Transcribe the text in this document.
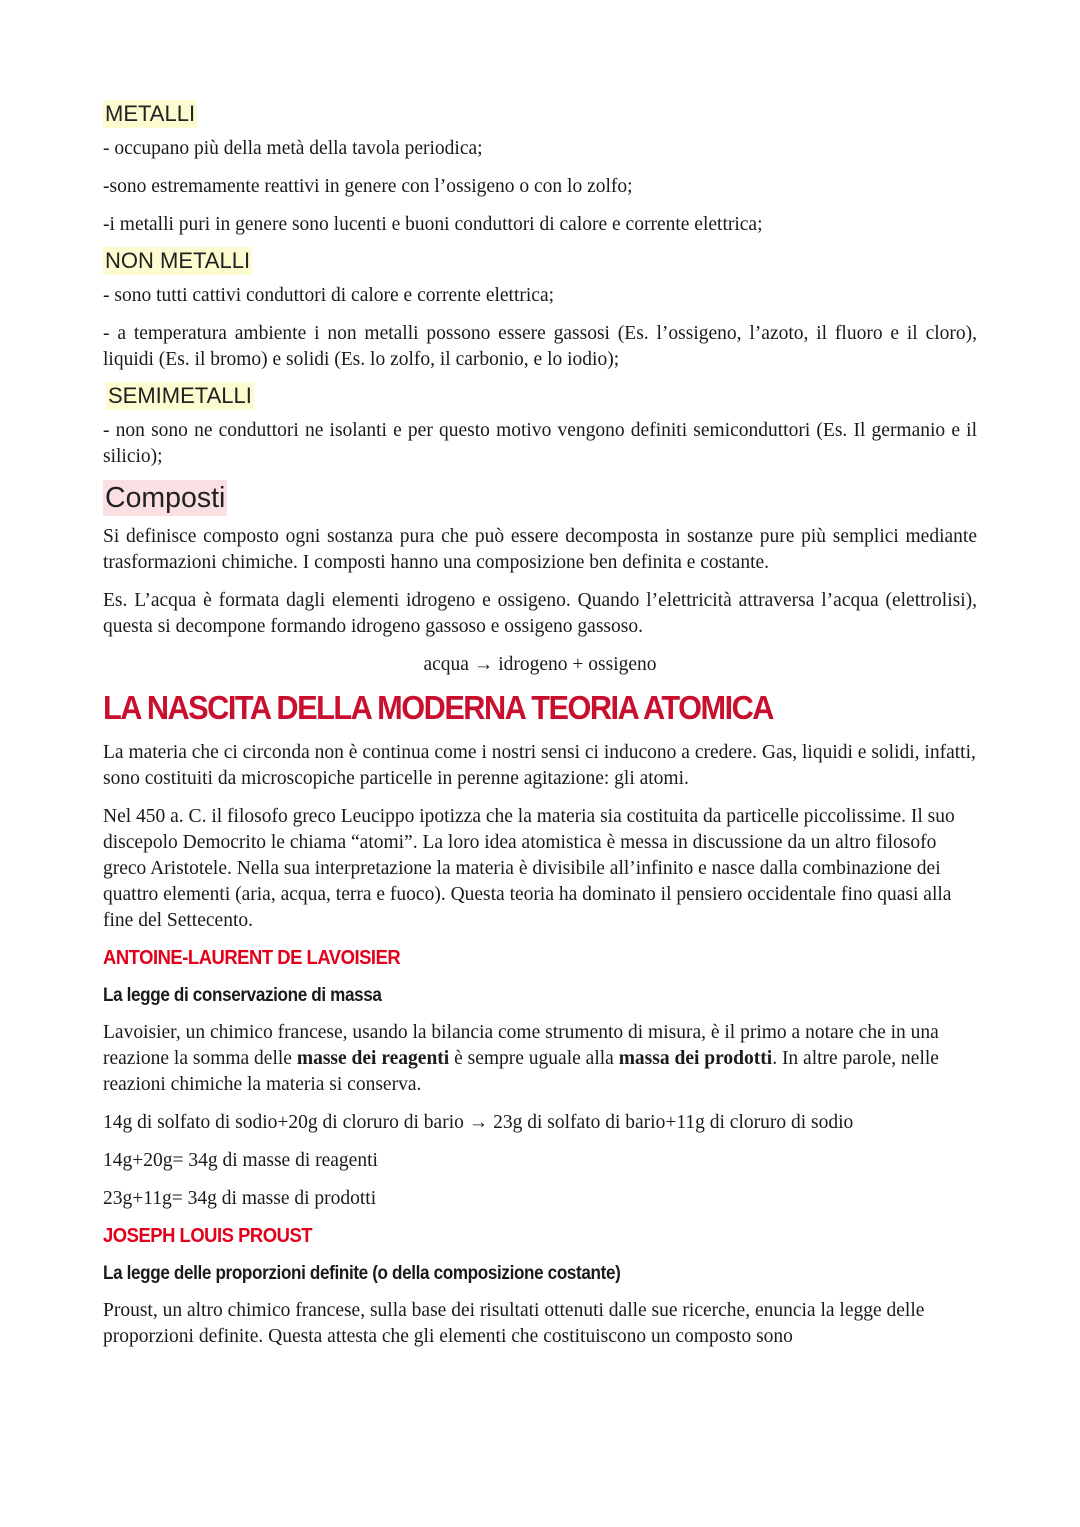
METALLI

- occupano più della metà della tavola periodica;

-sono estremamente reattivi in genere con l’ossigeno o con lo zolfo;

-i metalli puri in genere sono lucenti e buoni conduttori di calore e corrente elettrica;

NON METALLI

- sono tutti cattivi conduttori di calore e corrente elettrica;

- a temperatura ambiente i non metalli possono essere gassosi (Es. l’ossigeno, l’azoto, il fluoro e il cloro), liquidi (Es. il bromo) e solidi (Es. lo zolfo, il carbonio, e lo iodio);

SEMIMETALLI

- non sono ne conduttori ne isolanti e per questo motivo vengono definiti semiconduttori (Es. Il germanio e il silicio);

Composti

Si definisce composto ogni sostanza pura che può essere decomposta in sostanze pure più semplici mediante trasformazioni chimiche. I composti hanno una composizione ben definita e costante.

Es. L’acqua è formata dagli elementi idrogeno e ossigeno. Quando l’elettricità attraversa l’acqua (elettrolisi), questa si decompone formando idrogeno gassoso e ossigeno gassoso.

acqua → idrogeno + ossigeno

LA NASCITA DELLA MODERNA TEORIA ATOMICA

La materia che ci circonda non è continua come i nostri sensi ci inducono a credere. Gas, liquidi e solidi, infatti, sono costituiti da microscopiche particelle in perenne agitazione: gli atomi.

Nel 450 a. C. il filosofo greco Leucippo ipotizza che la materia sia costituita da particelle piccolissime. Il suo discepolo Democrito le chiama “atomi”. La loro idea atomistica è messa in discussione da un altro filosofo greco Aristotele. Nella sua interpretazione la materia è divisibile all’infinito e nasce dalla combinazione dei quattro elementi (aria, acqua, terra e fuoco). Questa teoria ha dominato il pensiero occidentale fino quasi alla fine del Settecento.

ANTOINE-LAURENT DE LAVOISIER
La legge di conservazione di massa

Lavoisier, un chimico francese, usando la bilancia come strumento di misura, è il primo a notare che in una reazione la somma delle masse dei reagenti è sempre uguale alla massa dei prodotti. In altre parole, nelle reazioni chimiche la materia si conserva.

14g di solfato di sodio+20g di cloruro di bario → 23g di solfato di bario+11g di cloruro di sodio

14g+20g= 34g di masse di reagenti

23g+11g= 34g di masse di prodotti

JOSEPH LOUIS PROUST
La legge delle proporzioni definite (o della composizione costante)

Proust, un altro chimico francese, sulla base dei risultati ottenuti dalle sue ricerche, enuncia la legge delle proporzioni definite. Questa attesta che gli elementi che costituiscono un composto sono
